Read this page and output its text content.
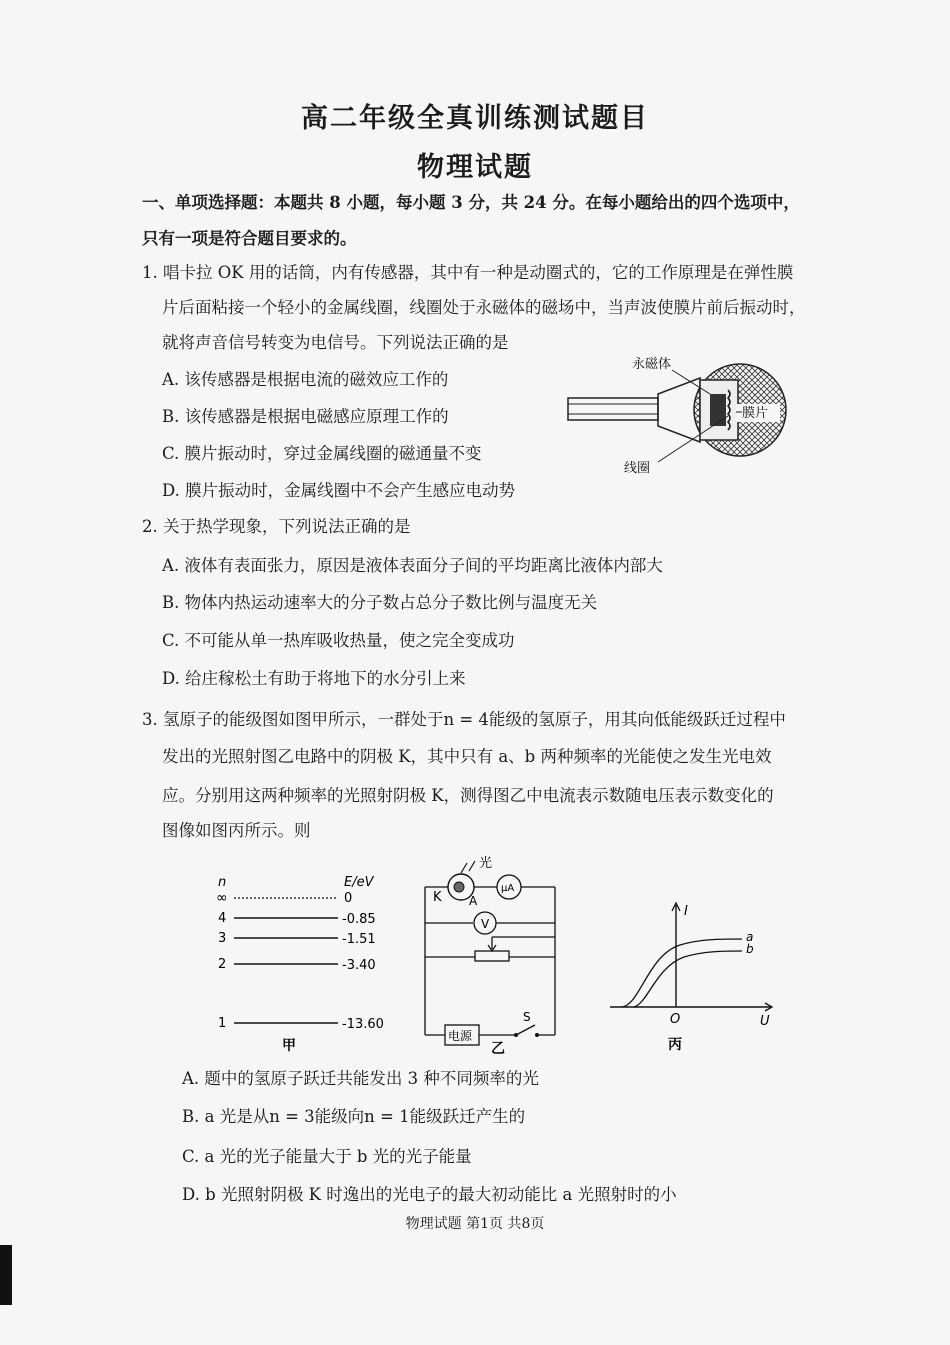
高二年级全真训练测试题目
物理试题
一、单项选择题：本题共 8 小题，每小题 3 分，共 24 分。在每小题给出的四个选项中，
只有一项是符合题目要求的。
1. 唱卡拉 OK 用的话筒，内有传感器，其中有一种是动圈式的，它的工作原理是在弹性膜
片后面粘接一个轻小的金属线圈，线圈处于永磁体的磁场中，当声波使膜片前后振动时，
就将声音信号转变为电信号。下列说法正确的是
A. 该传感器是根据电流的磁效应工作的
B. 该传感器是根据电磁感应原理工作的
C. 膜片振动时，穿过金属线圈的磁通量不变
D. 膜片振动时，金属线圈中不会产生感应电动势
膜片
永磁体
线圈
2. 关于热学现象，下列说法正确的是
A. 液体有表面张力，原因是液体表面分子间的平均距离比液体内部大
B. 物体内热运动速率大的分子数占总分子数比例与温度无关
C. 不可能从单一热库吸收热量，使之完全变成功
D. 给庄稼松土有助于将地下的水分引上来
3. 氢原子的能级图如图甲所示，一群处于n = 4能级的氢原子，用其向低能级跃迁过程中
发出的光照射图乙电路中的阴极 K，其中只有 a、b 两种频率的光能使之发生光电效
应。分别用这两种频率的光照射阴极 K，测得图乙中电流表示数随电压表示数变化的
图像如图丙所示。则
n	E/eV
∞	0
4	-0.85
3	-1.51
2	-3.40
1	-13.60
甲
光
K A
μA
V
电源
S
乙
I
U
O
a
b
丙
A. 题中的氢原子跃迁共能发出 3 种不同频率的光
B. a 光是从n = 3能级向n = 1能级跃迁产生的
C. a 光的光子能量大于 b 光的光子能量
D. b 光照射阴极 K 时逸出的光电子的最大初动能比 a 光照射时的小
物理试题 第1页 共8页
